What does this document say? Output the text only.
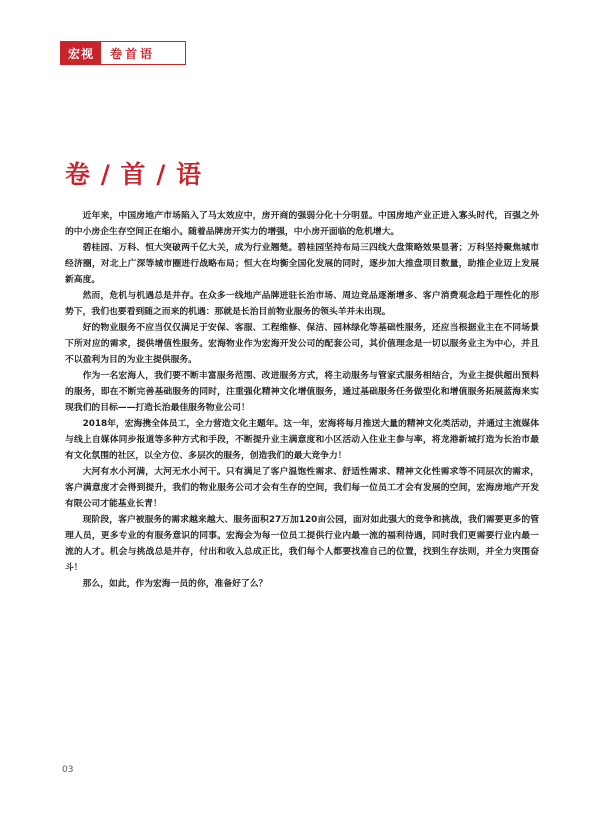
宏视	卷首语
卷 / 首 / 语

近年来，中国房地产市场陷入了马太效应中，房开商的强弱分化十分明显。中国房地产业正进入寡头时代，百强之外的中小房企生存空间正在缩小。随着品牌房开实力的增强，中小房开面临的危机增大。

碧桂园、万科、恒大突破两千亿大关，成为行业翘楚。碧桂园坚持布局三四线大盘策略效果显著；万科坚持聚焦城市经济圈，对北上广深等城市圈进行战略布局；恒大在均衡全国化发展的同时，逐步加大推盘项目数量，助推企业迈上发展新高度。

然而，危机与机遇总是并存。在众多一线地产品牌进驻长治市场、周边竞品逐渐增多、客户消费观念趋于理性化的形势下，我们也要看到随之而来的机遇：那就是长治目前物业服务的领头羊并未出现。

好的物业服务不应当仅仅满足于安保、客服、工程维修、保洁、园林绿化等基础性服务，还应当根据业主在不同场景下所对应的需求，提供增值性服务。宏海物业作为宏海开发公司的配套公司，其价值理念是一切以服务业主为中心，并且不以盈利为目的为业主提供服务。

作为一名宏海人，我们要不断丰富服务范围、改进服务方式，将主动服务与管家式服务相结合，为业主提供超出预料的服务，即在不断完善基础服务的同时，注重强化精神文化增值服务，通过基础服务任务做型化和增值服务拓展蓝海来实现我们的目标——打造长治最佳服务物业公司！

2018年，宏海携全体员工，全力营造文化主题年。这一年，宏海将每月推送大量的精神文化类活动，并通过主流媒体与线上自媒体同步报道等多种方式和手段，不断提升业主满意度和小区活动入住业主参与率，将龙港新城打造为长治市最有文化氛围的社区，以全方位、多层次的服务，创造我们的最大竞争力！

大河有水小河满，大河无水小河干。只有满足了客户温饱性需求、舒适性需求、精神文化性需求等不同层次的需求，客户满意度才会得到提升，我们的物业服务公司才会有生存的空间，我们每一位员工才会有发展的空间，宏海房地产开发有限公司才能基业长青！

现阶段，客户被服务的需求越来越大、服务面积27万加120亩公园，面对如此强大的竞争和挑战，我们需要更多的管理人员，更多专业的有服务意识的同事。宏海会为每一位员工提供行业内最一流的福利待遇，同时我们更需要行业内最一流的人才。机会与挑战总是并存，付出和收入总成正比，我们每个人都要找准自己的位置，找到生存法则，并全力突围奋斗！

那么，如此，作为宏海一员的你，准备好了么？

03
